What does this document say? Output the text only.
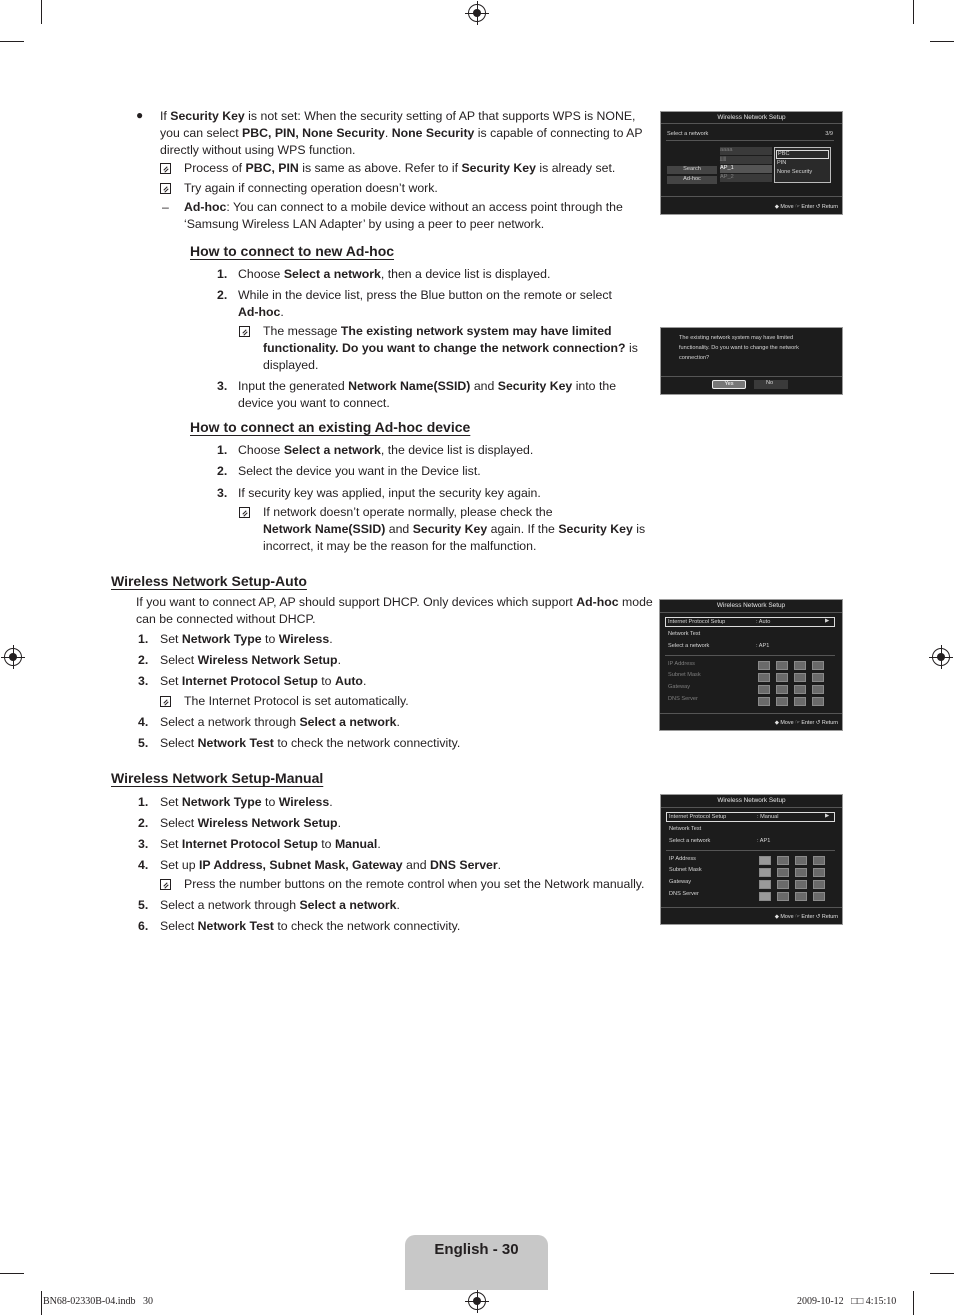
● If Security Key is not set: When the security setting of AP that supports WPS is NONE,
you can select PBC, PIN, None Security. None Security is capable of connecting to AP
directly without using WPS function.
Process of PBC, PIN is same as above. Refer to if Security Key is already set.
Try again if connecting operation doesn’t work.
– Ad-hoc: You can connect to a mobile device without an access point through the
‘Samsung Wireless LAN Adapter’ by using a peer to peer network.
How to connect to new Ad-hoc
1. Choose Select a network, then a device list is displayed.
2. While in the device list, press the Blue button on the remote or select
Ad-hoc.
The message The existing network system may have limited
functionality. Do you want to change the network connection? is
displayed.
3. Input the generated Network Name(SSID) and Security Key into the
device you want to connect.
How to connect an existing Ad-hoc device
1. Choose Select a network, the device list is displayed.
2. Select the device you want in the Device list.
3. If security key was applied, input the security key again.
If network doesn’t operate normally, please check the
Network Name(SSID) and Security Key again. If the Security Key is
incorrect, it may be the reason for the malfunction.
Wireless Network Setup-Auto
If you want to connect AP, AP should support DHCP. Only devices which support Ad-hoc mode
can be connected without DHCP.
1. Set Network Type to Wireless.
2. Select Wireless Network Setup.
3. Set Internet Protocol Setup to Auto.
The Internet Protocol is set automatically.
4. Select a network through Select a network.
5. Select Network Test to check the network connectivity.
Wireless Network Setup-Manual
1. Set Network Type to Wireless.
2. Select Wireless Network Setup.
3. Set Internet Protocol Setup to Manual.
4. Set up IP Address, Subnet Mask, Gateway and DNS Server.
Press the number buttons on the remote control when you set the Network manually.
5. Select a network through Select a network.
6. Select Network Test to check the network connectivity.
Wireless Network Setup
Select a network	3/9
aaaa
jjjjj
AP_1
AP_2
Search
Ad-hoc
PBC
PIN
None Security
◆ Move ☞ Enter ↺ Return
The existing network system may have limited
functionality. Do you want to change the network
connection?
Yes	No
Wireless Network Setup
Internet Protocol Setup	: Auto	▶
Network Test
Select a network	: AP1
IP Address
Subnet Mask
Gateway
DNS Server
◆ Move ☞ Enter ↺ Return
Wireless Network Setup
Internet Protocol Setup	: Manual	▶
Network Test
Select a network	: AP1
IP Address
Subnet Mask
Gateway
DNS Server
◆ Move ☞ Enter ↺ Return
English - 30
BN68-02330B-04.indb   30	2009-10-12   □□ 4:15:10
